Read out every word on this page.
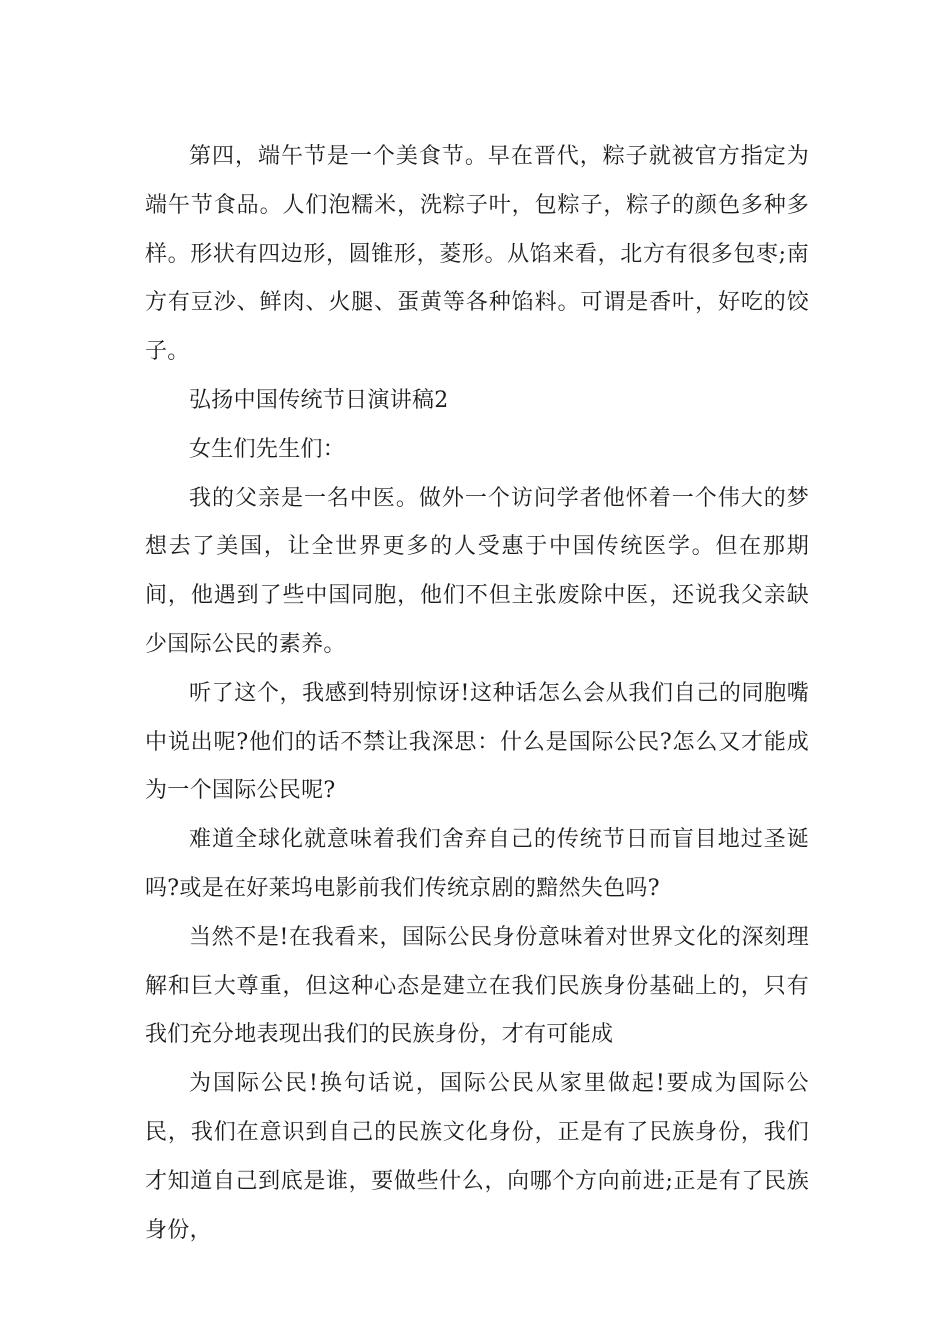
第四，端午节是一个美食节。早在晋代，粽子就被官方指定为端午节食品。人们泡糯米，洗粽子叶，包粽子，粽子的颜色多种多样。形状有四边形，圆锥形，菱形。从馅来看，北方有很多包枣;南方有豆沙、鲜肉、火腿、蛋黄等各种馅料。可谓是香叶，好吃的饺子。

弘扬中国传统节日演讲稿2

女生们先生们：

我的父亲是一名中医。做外一个访问学者他怀着一个伟大的梦想去了美国，让全世界更多的人受惠于中国传统医学。但在那期间，他遇到了些中国同胞，他们不但主张废除中医，还说我父亲缺少国际公民的素养。

听了这个，我感到特别惊讶!这种话怎么会从我们自己的同胞嘴中说出呢?他们的话不禁让我深思：什么是国际公民?怎么又才能成为一个国际公民呢?

难道全球化就意味着我们舍弃自己的传统节日而盲目地过圣诞吗?或是在好莱坞电影前我们传统京剧的黯然失色吗?

当然不是!在我看来，国际公民身份意味着对世界文化的深刻理解和巨大尊重，但这种心态是建立在我们民族身份基础上的，只有我们充分地表现出我们的民族身份，才有可能成

为国际公民!换句话说，国际公民从家里做起!要成为国际公民，我们在意识到自己的民族文化身份，正是有了民族身份，我们才知道自己到底是谁，要做些什么，向哪个方向前进;正是有了民族身份，
